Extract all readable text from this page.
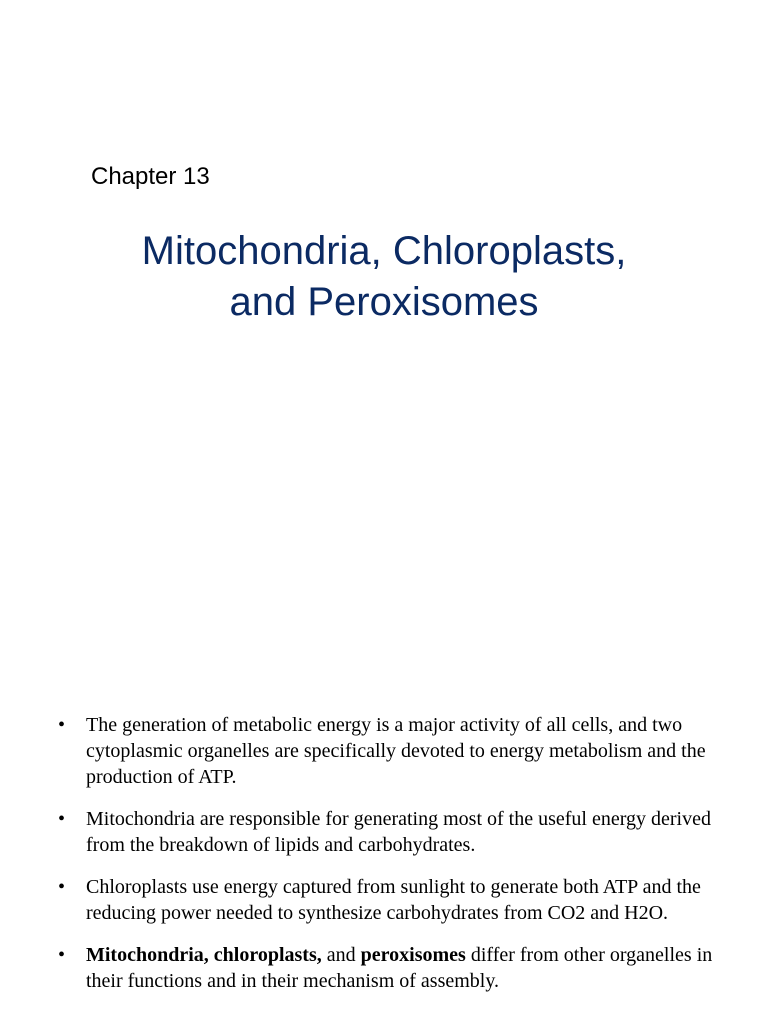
Chapter 13
Mitochondria, Chloroplasts,
and Peroxisomes
• The generation of metabolic energy is a major activity of all cells, and two cytoplasmic organelles are specifically devoted to energy metabolism and the production of ATP.
• Mitochondria are responsible for generating most of the useful energy derived from the breakdown of lipids and carbohydrates.
• Chloroplasts use energy captured from sunlight to generate both ATP and the reducing power needed to synthesize carbohydrates from CO2 and H2O.
• Mitochondria, chloroplasts, and peroxisomes differ from other organelles in their functions and in their mechanism of assembly.
